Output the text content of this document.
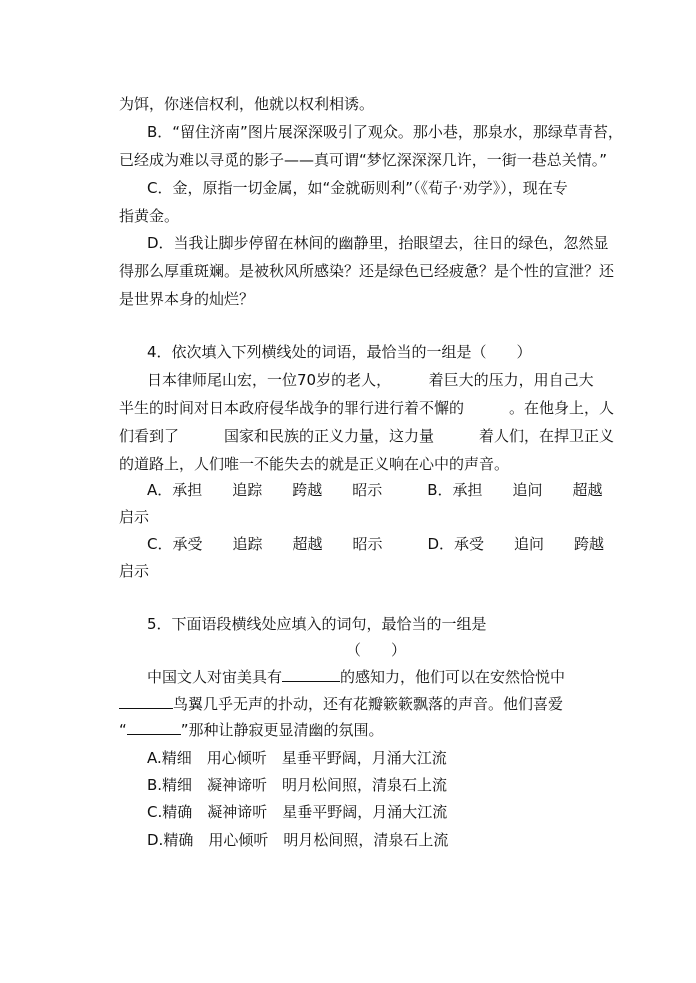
为饵，你迷信权利，他就以权利相诱。
B．“留住济南”图片展深深吸引了观众。那小巷，那泉水，那绿草青苔，
已经成为难以寻觅的影子——真可谓“梦忆深深深几许，一街一巷总关情。”
C．金，原指一切金属，如“金就砺则利”（《荀子·劝学》），现在专
指黄金。
D．当我让脚步停留在林间的幽静里，抬眼望去，往日的绿色，忽然显
得那么厚重斑斓。是被秋风所感染？还是绿色已经疲惫？是个性的宣泄？还
是世界本身的灿烂？
4．依次填入下列横线处的词语，最恰当的一组是（　　）
日本律师尾山宏，一位70岁的老人，　　　着巨大的压力，用自己大
半生的时间对日本政府侵华战争的罪行进行着不懈的　　　。在他身上，人
们看到了　　　国家和民族的正义力量，这力量　　　着人们，在捍卫正义
的道路上，人们唯一不能失去的就是正义响在心中的声音。
A．承担　　追踪　　跨越　　昭示　　　B．承担　　追问　　超越
启示
C．承受　　追踪　　超越　　昭示　　　D．承受　　追问　　跨越
启示
5．下面语段横线处应填入的词句，最恰当的一组是
（　　）
中国文人对宙美具有	的感知力，他们可以在安然恰悦中
鸟翼几乎无声的扑动，还有花瓣簌簌飘落的声音。他们喜爱
“	”那种让静寂更显清幽的氛围。
A.精细　用心倾听　星垂平野阔，月涌大江流
B.精细　凝神谛听　明月松间照，清泉石上流
C.精确　凝神谛听　星垂平野阔，月涌大江流
D.精确　用心倾听　明月松间照，清泉石上流
